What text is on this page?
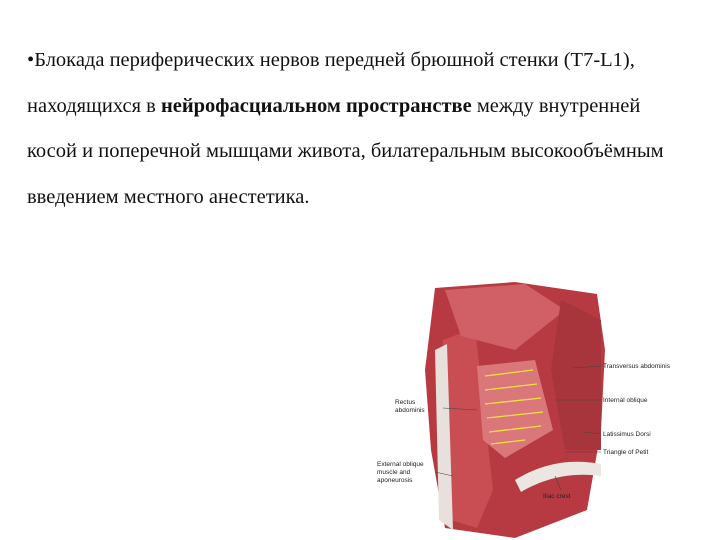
•Блокада периферических нервов передней брюшной стенки (Т7-L1), находящихся в нейрофасциальном пространстве между внутренней косой и поперечной мышцами живота, билатеральным высокообъёмным введением местного анестетика.
Transversus abdominis
Internal oblique
Rectus
abdominis
Latissimus Dorsi
Triangle of Petit
External oblique
muscle and
aponeurosis
Iliac crest
